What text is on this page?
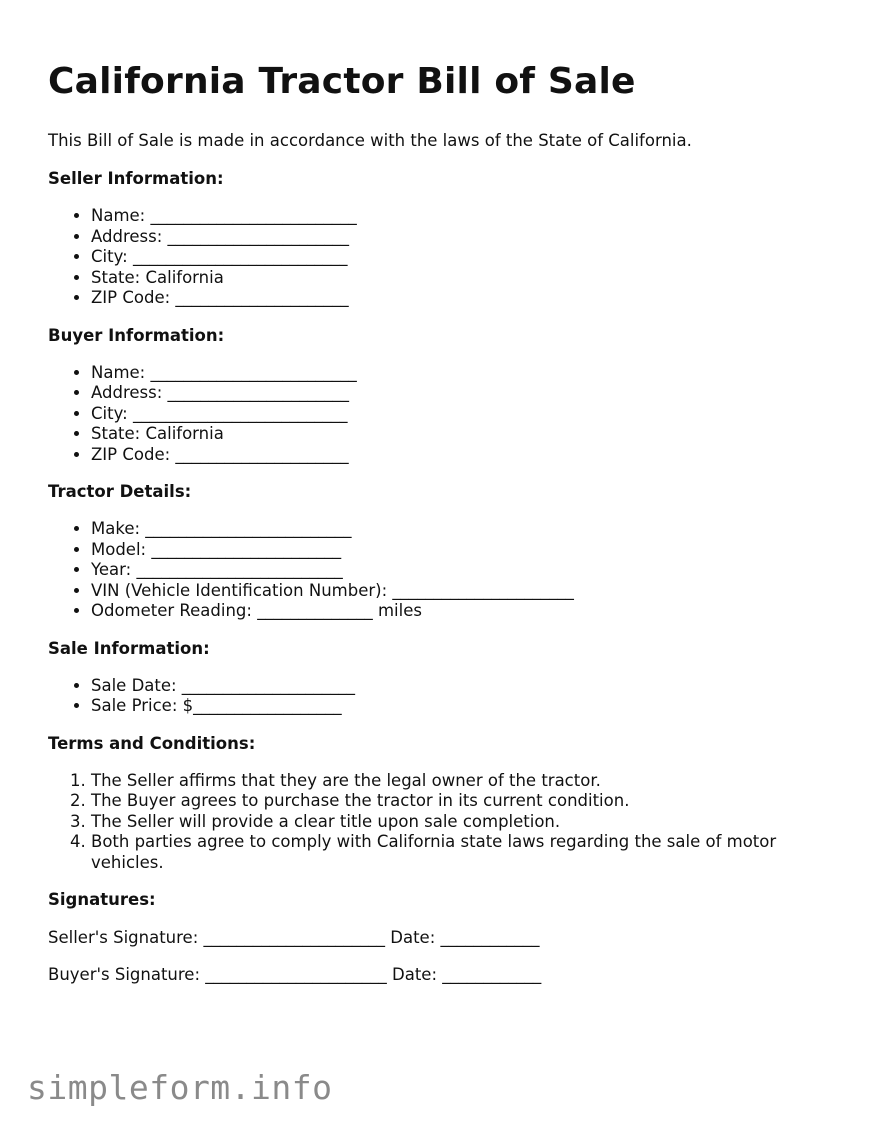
California Tractor Bill of Sale

This Bill of Sale is made in accordance with the laws of the State of California.

Seller Information:
• Name: _________________________
• Address: ______________________
• City: __________________________
• State: California
• ZIP Code: _____________________
Buyer Information:
• Name: _________________________
• Address: ______________________
• City: __________________________
• State: California
• ZIP Code: _____________________
Tractor Details:
• Make: _________________________
• Model: _______________________
• Year: _________________________
• VIN (Vehicle Identification Number): ______________________
• Odometer Reading: ______________ miles
Sale Information:
• Sale Date: _____________________
• Sale Price: $__________________
Terms and Conditions:
1. The Seller affirms that they are the legal owner of the tractor.
2. The Buyer agrees to purchase the tractor in its current condition.
3. The Seller will provide a clear title upon sale completion.
4. Both parties agree to comply with California state laws regarding the sale of motor vehicles.
Signatures:

Seller's Signature: ______________________ Date: ____________

Buyer's Signature: ______________________ Date: ____________

simpleform.info
